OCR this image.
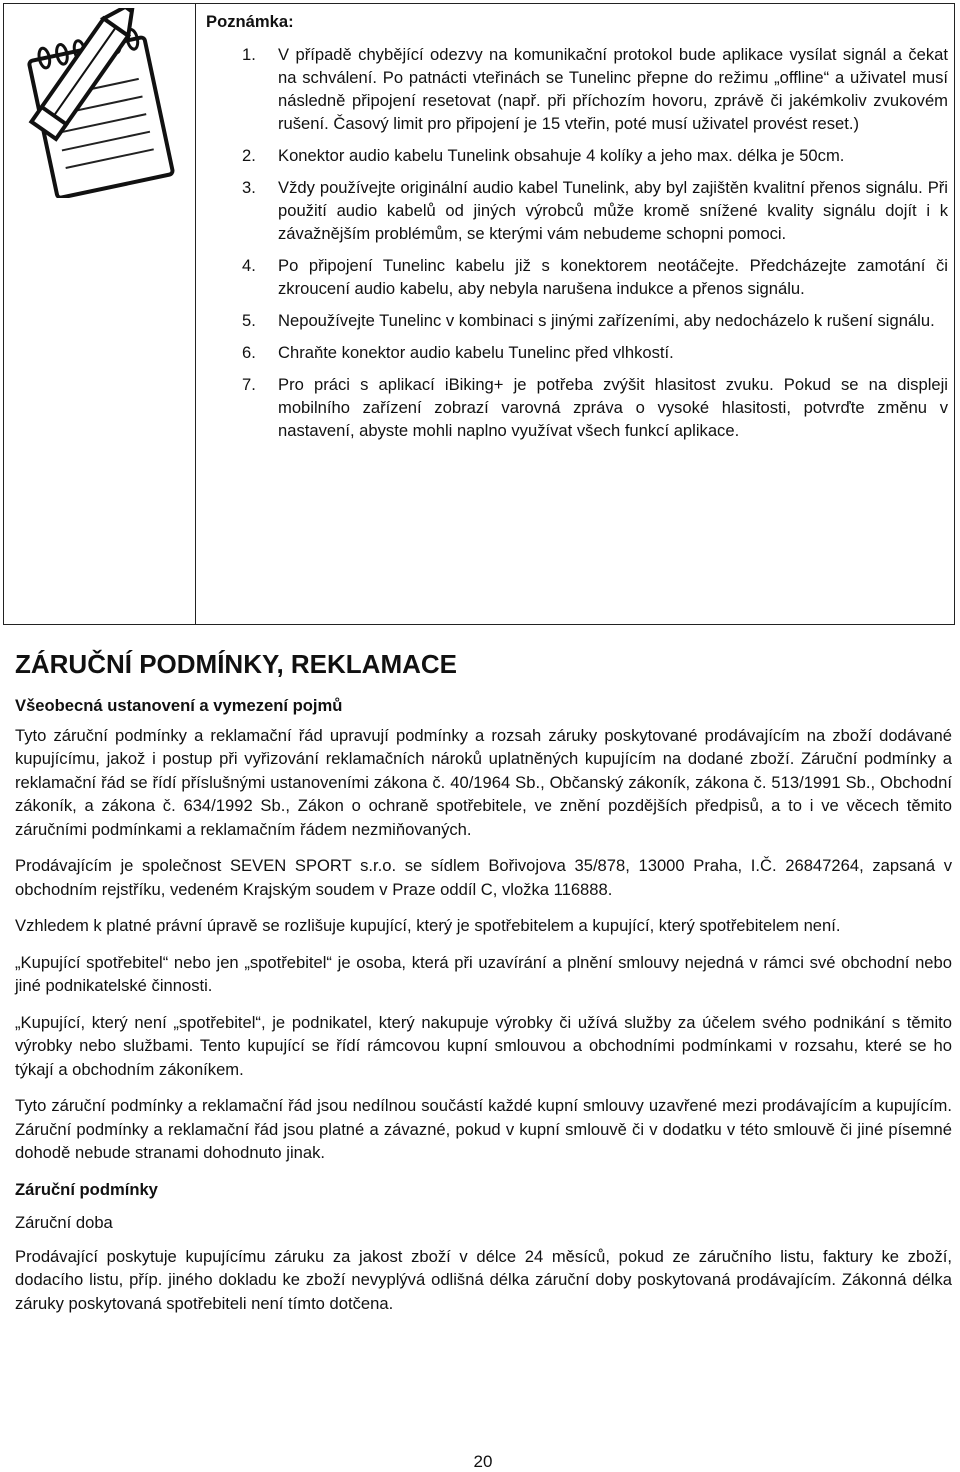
Poznámka:
1.	V případě chybějící odezvy na komunikační protokol bude aplikace vysílat signál a čekat na schválení. Po patnácti vteřinách se Tunelinc přepne do režimu „offline“ a uživatel musí následně připojení resetovat (např. při příchozím hovoru, zprávě či jakémkoliv zvukovém rušení. Časový limit pro připojení je 15 vteřin, poté musí uživatel provést reset.)
2.	Konektor audio kabelu Tunelink obsahuje 4 kolíky a jeho max. délka je 50cm.
3.	Vždy používejte originální audio kabel Tunelink, aby byl zajištěn kvalitní přenos signálu. Při použití audio kabelů od jiných výrobců může kromě snížené kvality signálu dojít i k závažnějším problémům, se kterými vám nebudeme schopni pomoci.
4.	Po připojení Tunelinc kabelu již s konektorem neotáčejte. Předcházejte zamotání či zkroucení audio kabelu, aby nebyla narušena indukce a přenos signálu.
5.	Nepoužívejte Tunelinc v kombinaci s jinými zařízeními, aby nedocházelo k rušení signálu.
6.	Chraňte konektor audio kabelu Tunelinc před vlhkostí.
7.	Pro práci s aplikací iBiking+ je potřeba zvýšit hlasitost zvuku. Pokud se na displeji mobilního zařízení zobrazí varovná zpráva o vysoké hlasitosti, potvrďte změnu v nastavení, abyste mohli naplno využívat všech funkcí aplikace.
ZÁRUČNÍ PODMÍNKY, REKLAMACE
Všeobecná ustanovení a vymezení pojmů

Tyto záruční podmínky a reklamační řád upravují podmínky a rozsah záruky poskytované prodávajícím na zboží dodávané kupujícímu, jakož i postup při vyřizování reklamačních nároků uplatněných kupujícím na dodané zboží. Záruční podmínky a reklamační řád se řídí příslušnými ustanoveními zákona č. 40/1964 Sb., Občanský zákoník, zákona č. 513/1991 Sb., Obchodní zákoník, a zákona č. 634/1992 Sb., Zákon o ochraně spotřebitele, ve znění pozdějších předpisů, a to i ve věcech těmito záručními podmínkami a reklamačním řádem nezmiňovaných.

Prodávajícím je společnost SEVEN SPORT s.r.o. se sídlem Bořivojova 35/878, 13000 Praha, I.Č. 26847264, zapsaná v obchodním rejstříku, vedeném Krajským soudem v Praze oddíl C, vložka 116888.

Vzhledem k platné právní úpravě se rozlišuje kupující, který je spotřebitelem a kupující, který spotřebitelem není.

„Kupující spotřebitel“ nebo jen „spotřebitel“ je osoba, která při uzavírání a plnění smlouvy nejedná v rámci své obchodní nebo jiné podnikatelské činnosti.

„Kupující, který není „spotřebitel“, je podnikatel, který nakupuje výrobky či užívá služby za účelem svého podnikání s těmito výrobky nebo službami. Tento kupující se řídí rámcovou kupní smlouvou a obchodními podmínkami v rozsahu, které se ho týkají a obchodním zákoníkem.

Tyto záruční podmínky a reklamační řád jsou nedílnou součástí každé kupní smlouvy uzavřené mezi prodávajícím a kupujícím. Záruční podmínky a reklamační řád jsou platné a závazné, pokud v kupní smlouvě či v dodatku v této smlouvě či jiné písemné dohodě nebude stranami dohodnuto jinak.

Záruční podmínky
Záruční doba

Prodávající poskytuje kupujícímu záruku za jakost zboží v délce 24 měsíců, pokud ze záručního listu, faktury ke zboží, dodacího listu, příp. jiného dokladu ke zboží nevyplývá odlišná délka záruční doby poskytovaná prodávajícím. Zákonná délka záruky poskytovaná spotřebiteli není tímto dotčena.

20
